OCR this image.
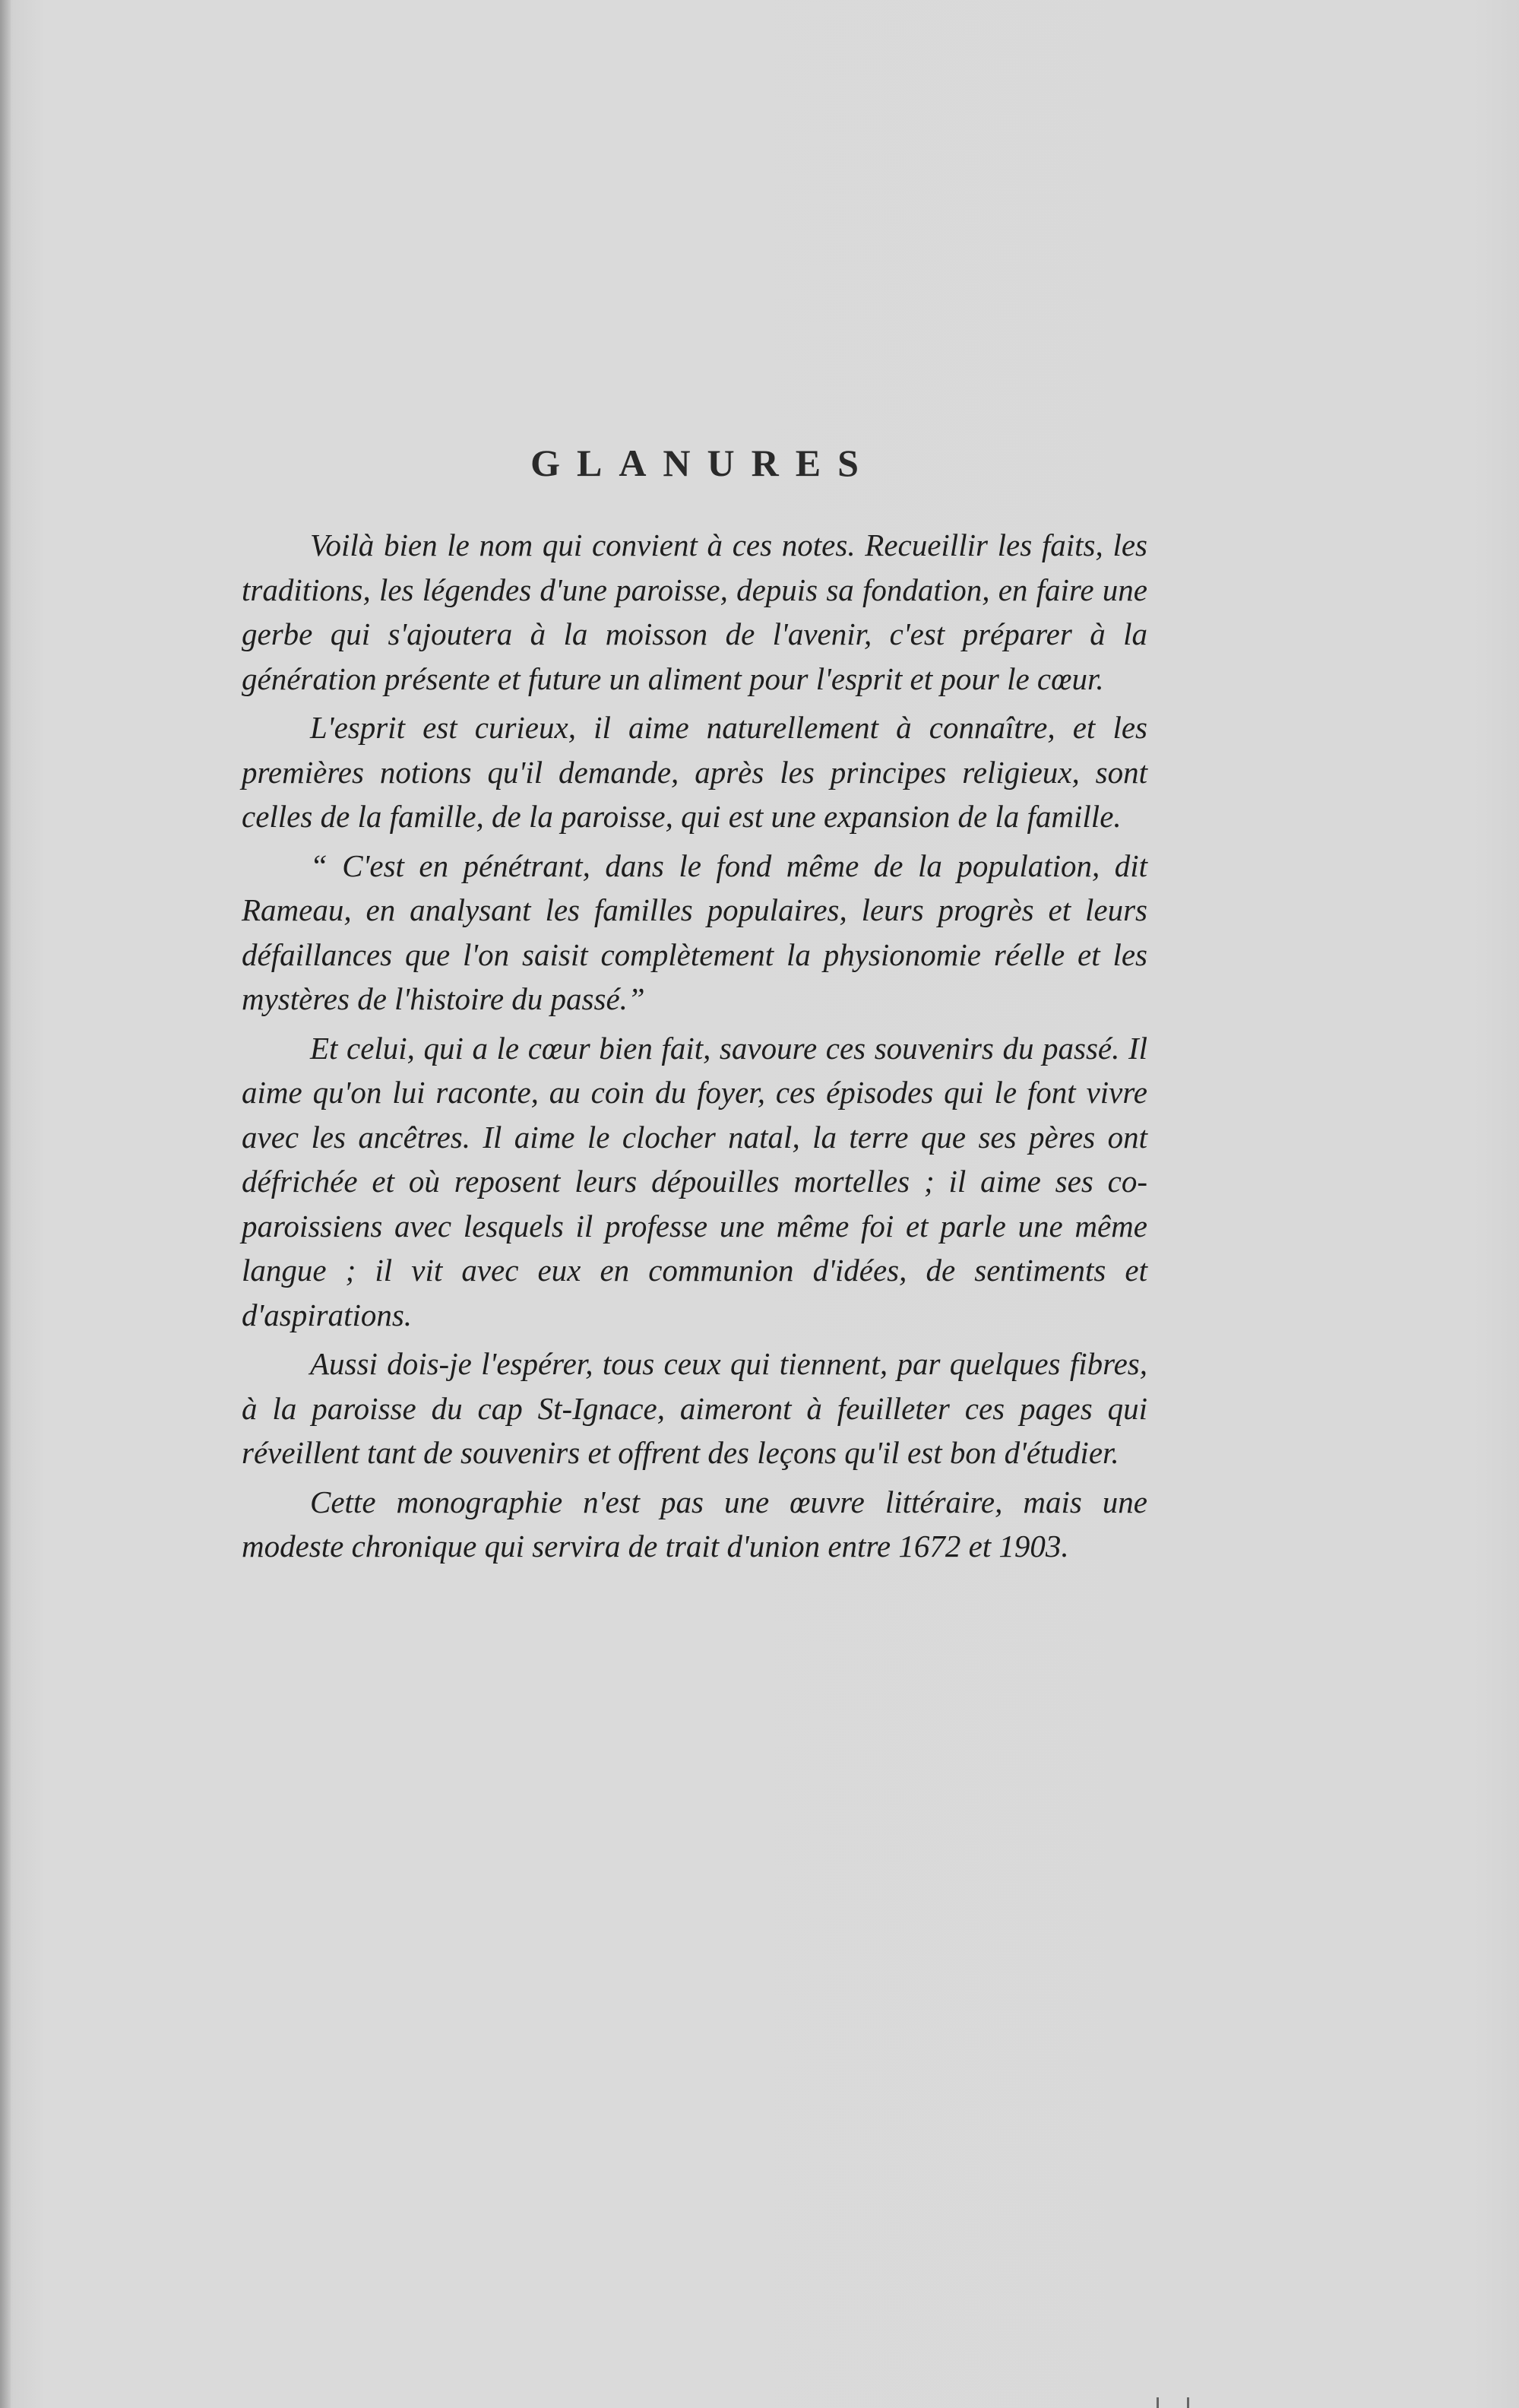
GLANURES

Voilà bien le nom qui convient à ces notes. Recueillir les faits, les traditions, les légendes d'une paroisse, depuis sa fondation, en faire une gerbe qui s'ajoutera à la moisson de l'avenir, c'est préparer à la génération présente et future un aliment pour l'esprit et pour le cœur.

L'esprit est curieux, il aime naturellement à connaître, et les premières notions qu'il demande, après les principes religieux, sont celles de la famille, de la paroisse, qui est une expansion de la famille.

“ C'est en pénétrant, dans le fond même de la population, dit Rameau, en analysant les familles populaires, leurs progrès et leurs défaillances que l'on saisit complètement la physionomie réelle et les mystères de l'histoire du passé.”

Et celui, qui a le cœur bien fait, savoure ces souvenirs du passé. Il aime qu'on lui raconte, au coin du foyer, ces épisodes qui le font vivre avec les ancêtres. Il aime le clocher natal, la terre que ses pères ont défrichée et où reposent leurs dépouilles mortelles ; il aime ses co-paroissiens avec lesquels il professe une même foi et parle une même langue ; il vit avec eux en communion d'idées, de sentiments et d'aspirations.

Aussi dois-je l'espérer, tous ceux qui tiennent, par quelques fibres, à la paroisse du cap St-Ignace, aimeront à feuilleter ces pages qui réveillent tant de souvenirs et offrent des leçons qu'il est bon d'étudier.

Cette monographie n'est pas une œuvre littéraire, mais une modeste chronique qui servira de trait d'union entre 1672 et 1903.
